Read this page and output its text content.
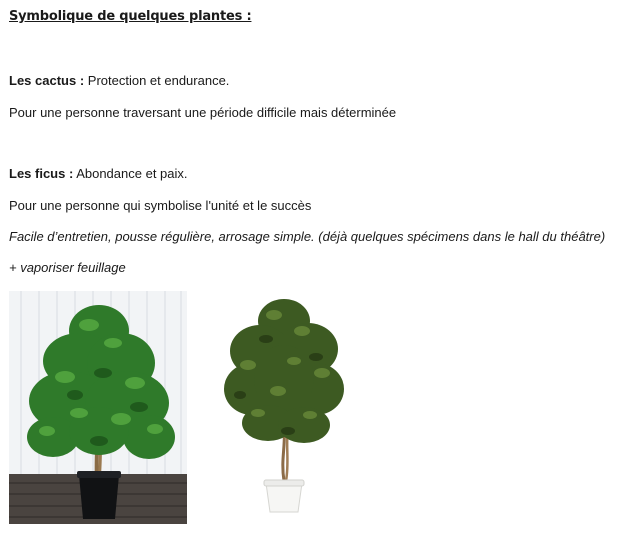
Symbolique de quelques plantes :
Les cactus : Protection et endurance.
Pour une personne traversant une période difficile mais déterminée
Les ficus : Abondance et paix.
Pour une personne qui symbolise l'unité et le succès
Facile d’entretien, pousse régulière, arrosage simple. (déjà quelques spécimens dans le hall du théâtre)
+ vaporiser feuillage
